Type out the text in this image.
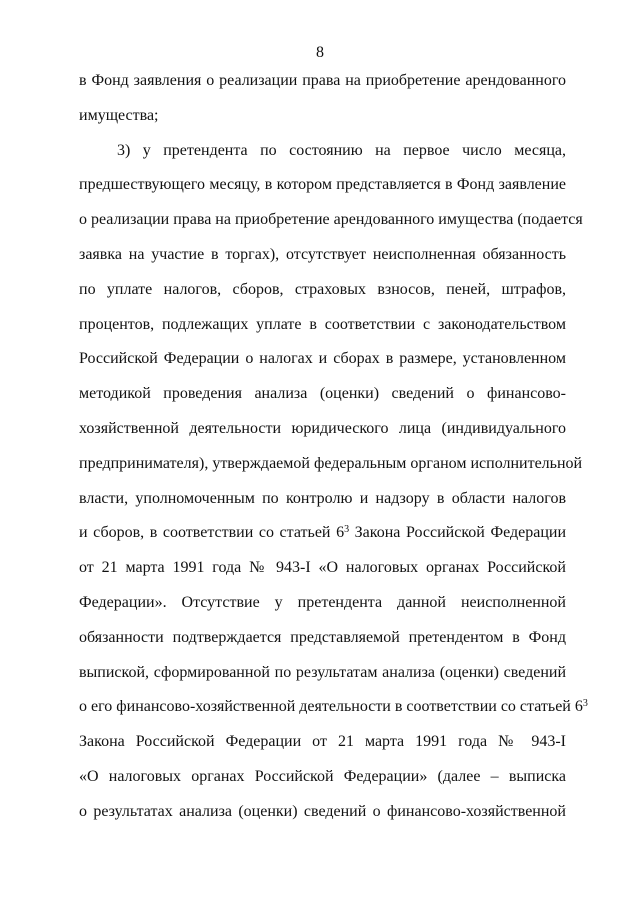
8
в Фонд заявления о реализации права на приобретение арендованного
имущества;
3) у претендента по состоянию на первое число месяца,
предшествующего месяцу, в котором представляется в Фонд заявление
о реализации права на приобретение арендованного имущества (подается
заявка на участие в торгах), отсутствует неисполненная обязанность
по уплате налогов, сборов, страховых взносов, пеней, штрафов,
процентов, подлежащих уплате в соответствии с законодательством
Российской Федерации о налогах и сборах в размере, установленном
методикой проведения анализа (оценки) сведений о финансово-
хозяйственной деятельности юридического лица (индивидуального
предпринимателя), утверждаемой федеральным органом исполнительной
власти, уполномоченным по контролю и надзору в области налогов
и сборов, в соответствии со статьей $6^3$ Закона Российской Федерации
от 21 марта 1991 года № 943-I «О налоговых органах Российской
Федерации». Отсутствие у претендента данной неисполненной
обязанности подтверждается представляемой претендентом в Фонд
выпиской, сформированной по результатам анализа (оценки) сведений
о его финансово-хозяйственной деятельности в соответствии со статьей $6^3$
Закона Российской Федерации от 21 марта 1991 года № 943-I
«О налоговых органах Российской Федерации» (далее – выписка
о результатах анализа (оценки) сведений о финансово-хозяйственной
